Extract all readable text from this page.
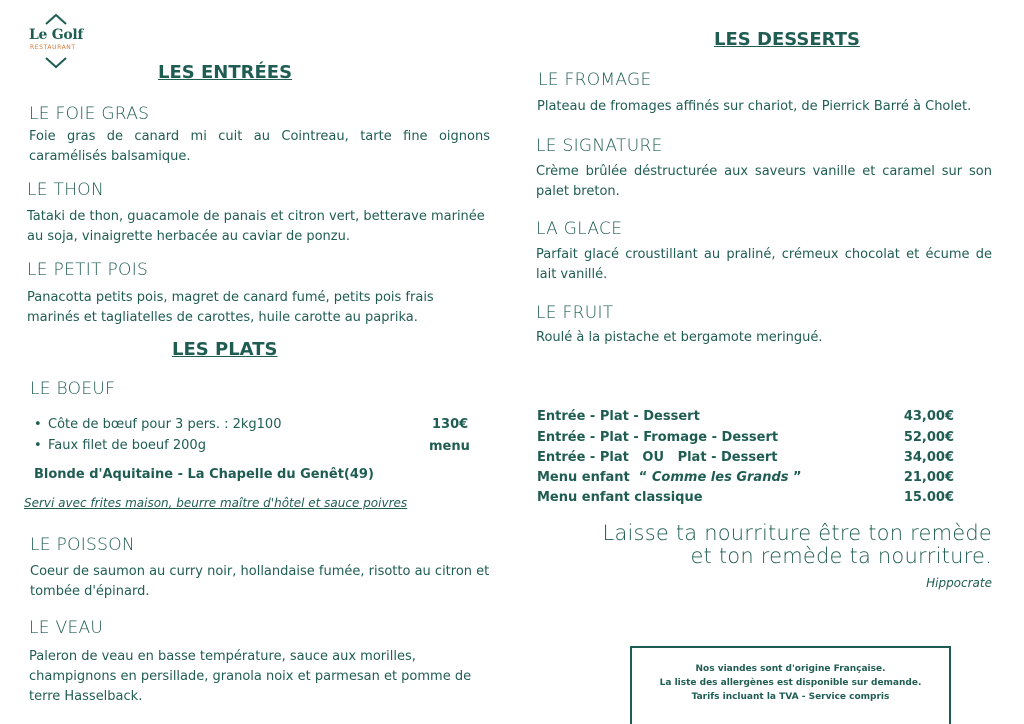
Le Golf
RESTAURANT
LES ENTRÉES
LE FOIE GRAS
Foie gras de canard mi cuit au Cointreau, tarte fine oignons caramélisés balsamique.
LE THON
Tataki de thon, guacamole de panais et citron vert, betterave marinée au soja, vinaigrette herbacée au caviar de ponzu.
LE PETIT POIS
Panacotta petits pois, magret de canard fumé, petits pois frais marinés et tagliatelles de carottes, huile carotte au paprika.
LES PLATS
LE BOEUF
• Côte de bœuf pour 3 pers. : 2kg100	130€
• Faux filet de boeuf 200g	menu
Blonde d'Aquitaine - La Chapelle du Genêt(49)
Servi avec frites maison, beurre maître d'hôtel et sauce poivres
LE POISSON
Coeur de saumon au curry noir, hollandaise fumée, risotto au citron et tombée d'épinard.
LE VEAU
Paleron de veau en basse température, sauce aux morilles, champignons en persillade, granola noix et parmesan et pomme de terre Hasselback.
LES DESSERTS
LE FROMAGE
Plateau de fromages affinés sur chariot, de Pierrick Barré à Cholet.
LE SIGNATURE
Crème brûlée déstructurée aux saveurs vanille et caramel sur son palet breton.
LA GLACE
Parfait glacé croustillant au praliné, crémeux chocolat et écume de lait vanillé.
LE FRUIT
Roulé à la pistache et bergamote meringué.
Entrée - Plat - Dessert	43,00€
Entrée - Plat - Fromage - Dessert	52,00€
Entrée - Plat   OU   Plat - Dessert	34,00€
Menu enfant  “ Comme les Grands ”	21,00€
Menu enfant classique	15.00€
Laisse ta nourriture être ton remède
et ton remède ta nourriture.
Hippocrate
Nos viandes sont d'origine Française.
La liste des allergènes est disponible sur demande.
Tarifs incluant la TVA - Service compris
